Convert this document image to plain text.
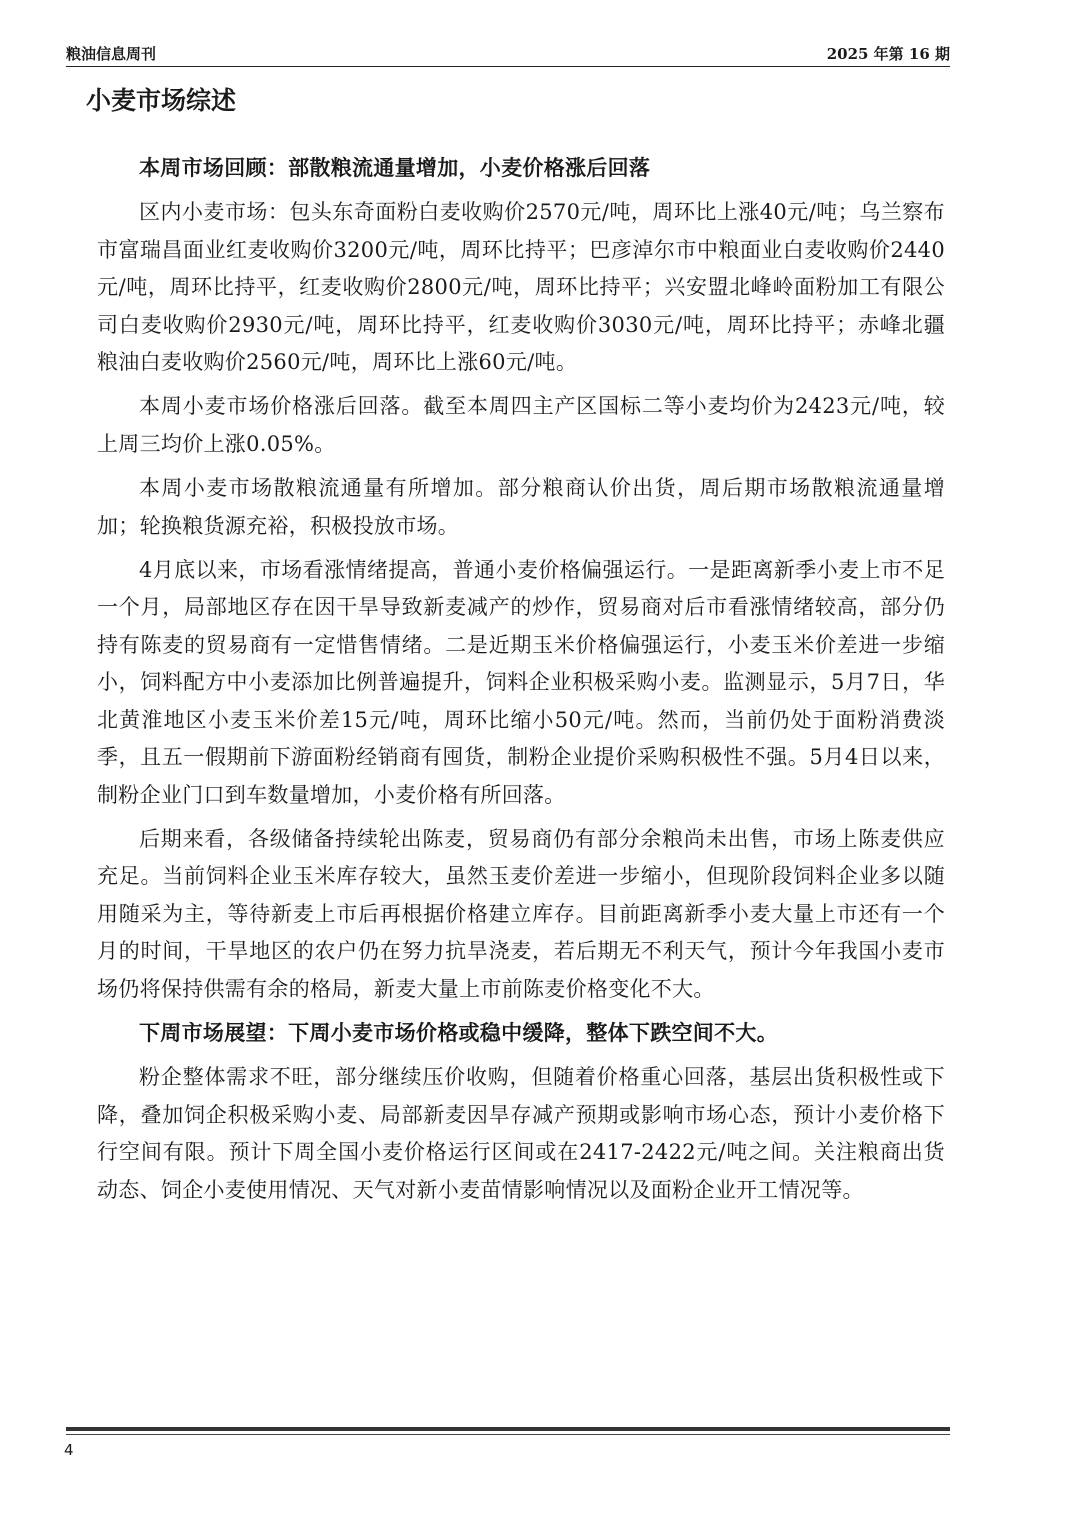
粮油信息周刊	2025 年第 16 期
小麦市场综述

本周市场回顾：部散粮流通量增加，小麦价格涨后回落

区内小麦市场：包头东奇面粉白麦收购价2570元/吨，周环比上涨40元/吨；乌兰察布市富瑞昌面业红麦收购价3200元/吨，周环比持平；巴彦淖尔市中粮面业白麦收购价2440元/吨，周环比持平，红麦收购价2800元/吨，周环比持平；兴安盟北峰岭面粉加工有限公司白麦收购价2930元/吨，周环比持平，红麦收购价3030元/吨，周环比持平；赤峰北疆粮油白麦收购价2560元/吨，周环比上涨60元/吨。

本周小麦市场价格涨后回落。截至本周四主产区国标二等小麦均价为2423元/吨，较上周三均价上涨0.05%。

本周小麦市场散粮流通量有所增加。部分粮商认价出货，周后期市场散粮流通量增加；轮换粮货源充裕，积极投放市场。

4月底以来，市场看涨情绪提高，普通小麦价格偏强运行。一是距离新季小麦上市不足一个月，局部地区存在因干旱导致新麦减产的炒作，贸易商对后市看涨情绪较高，部分仍持有陈麦的贸易商有一定惜售情绪。二是近期玉米价格偏强运行，小麦玉米价差进一步缩小，饲料配方中小麦添加比例普遍提升，饲料企业积极采购小麦。监测显示，5月7日，华北黄淮地区小麦玉米价差15元/吨，周环比缩小50元/吨。然而，当前仍处于面粉消费淡季，且五一假期前下游面粉经销商有囤货，制粉企业提价采购积极性不强。5月4日以来，制粉企业门口到车数量增加，小麦价格有所回落。

后期来看，各级储备持续轮出陈麦，贸易商仍有部分余粮尚未出售，市场上陈麦供应充足。当前饲料企业玉米库存较大，虽然玉麦价差进一步缩小，但现阶段饲料企业多以随用随采为主，等待新麦上市后再根据价格建立库存。目前距离新季小麦大量上市还有一个月的时间，干旱地区的农户仍在努力抗旱浇麦，若后期无不利天气，预计今年我国小麦市场仍将保持供需有余的格局，新麦大量上市前陈麦价格变化不大。

下周市场展望：下周小麦市场价格或稳中缓降，整体下跌空间不大。

粉企整体需求不旺，部分继续压价收购，但随着价格重心回落，基层出货积极性或下降，叠加饲企积极采购小麦、局部新麦因旱存减产预期或影响市场心态，预计小麦价格下行空间有限。预计下周全国小麦价格运行区间或在2417-2422元/吨之间。关注粮商出货动态、饲企小麦使用情况、天气对新小麦苗情影响情况以及面粉企业开工情况等。

4
